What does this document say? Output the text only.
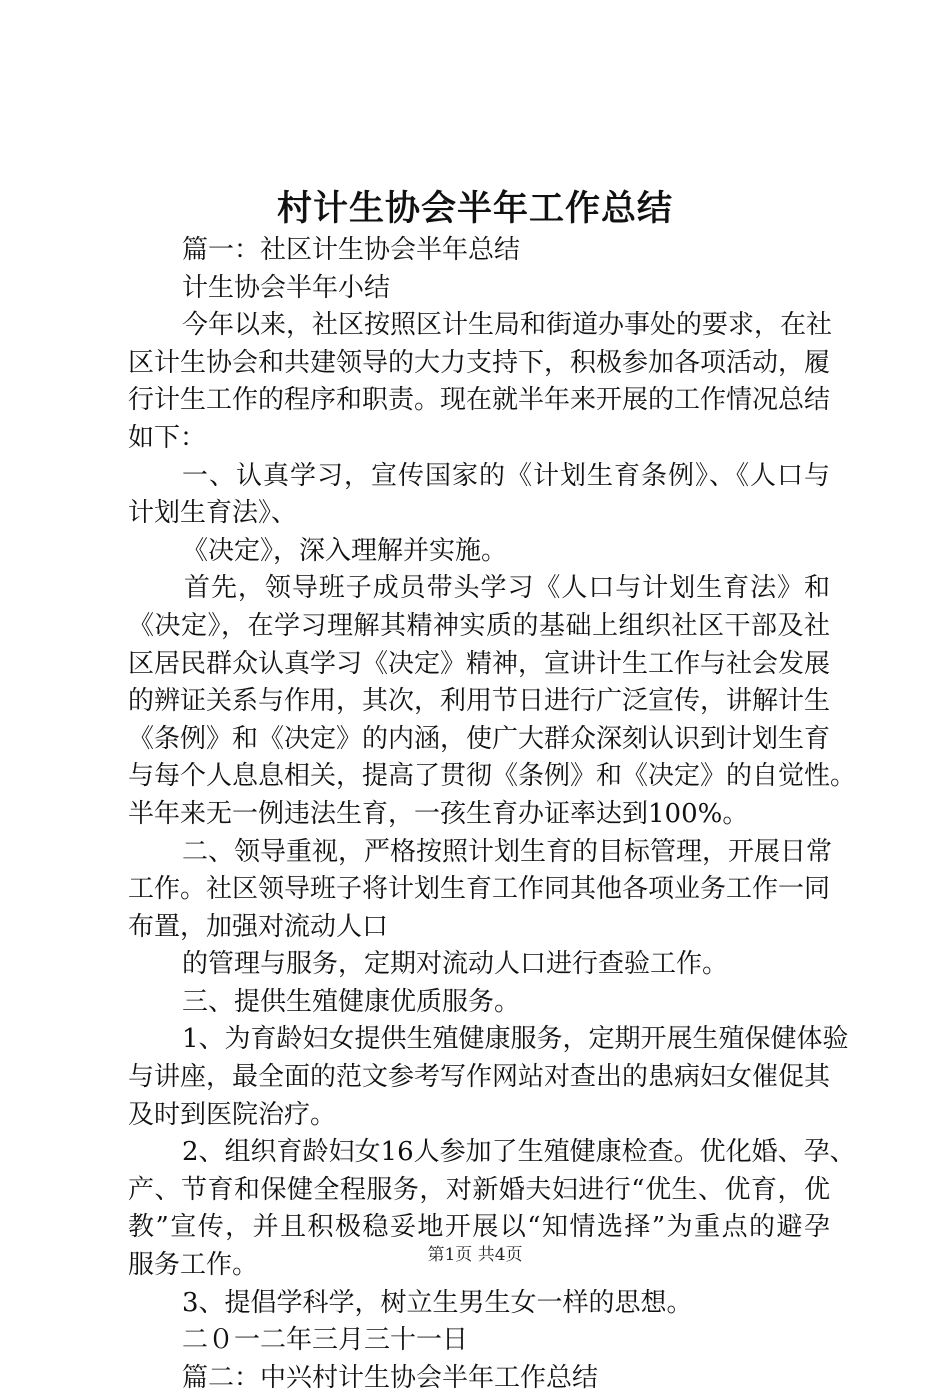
村计生协会半年工作总结
篇一：社区计生协会半年总结
计生协会半年小结
今年以来，社区按照区计生局和街道办事处的要求，在社
区计生协会和共建领导的大力支持下，积极参加各项活动，履
行计生工作的程序和职责。现在就半年来开展的工作情况总结
如下：
一、认真学习，宣传国家的《计划生育条例》、《人口与
计划生育法》、
《决定》，深入理解并实施。
首先，领导班子成员带头学习《人口与计划生育法》和
《决定》，在学习理解其精神实质的基础上组织社区干部及社
区居民群众认真学习《决定》精神，宣讲计生工作与社会发展
的辨证关系与作用，其次，利用节日进行广泛宣传，讲解计生
《条例》和《决定》的内涵，使广大群众深刻认识到计划生育
与每个人息息相关，提高了贯彻《条例》和《决定》的自觉性。
半年来无一例违法生育，一孩生育办证率达到100%。
二、领导重视，严格按照计划生育的目标管理，开展日常
工作。社区领导班子将计划生育工作同其他各项业务工作一同
布置，加强对流动人口
的管理与服务，定期对流动人口进行查验工作。
三、提供生殖健康优质服务。
1、为育龄妇女提供生殖健康服务，定期开展生殖保健体验
与讲座，最全面的范文参考写作网站对查出的患病妇女催促其
及时到医院治疗。
2、组织育龄妇女16人参加了生殖健康检查。优化婚、孕、
产、节育和保健全程服务，对新婚夫妇进行“优生、优育，优
教”宣传，并且积极稳妥地开展以“知情选择”为重点的避孕
服务工作。
3、提倡学科学，树立生男生女一样的思想。
二０一二年三月三十一日
篇二：中兴村计生协会半年工作总结
第1页 共4页
